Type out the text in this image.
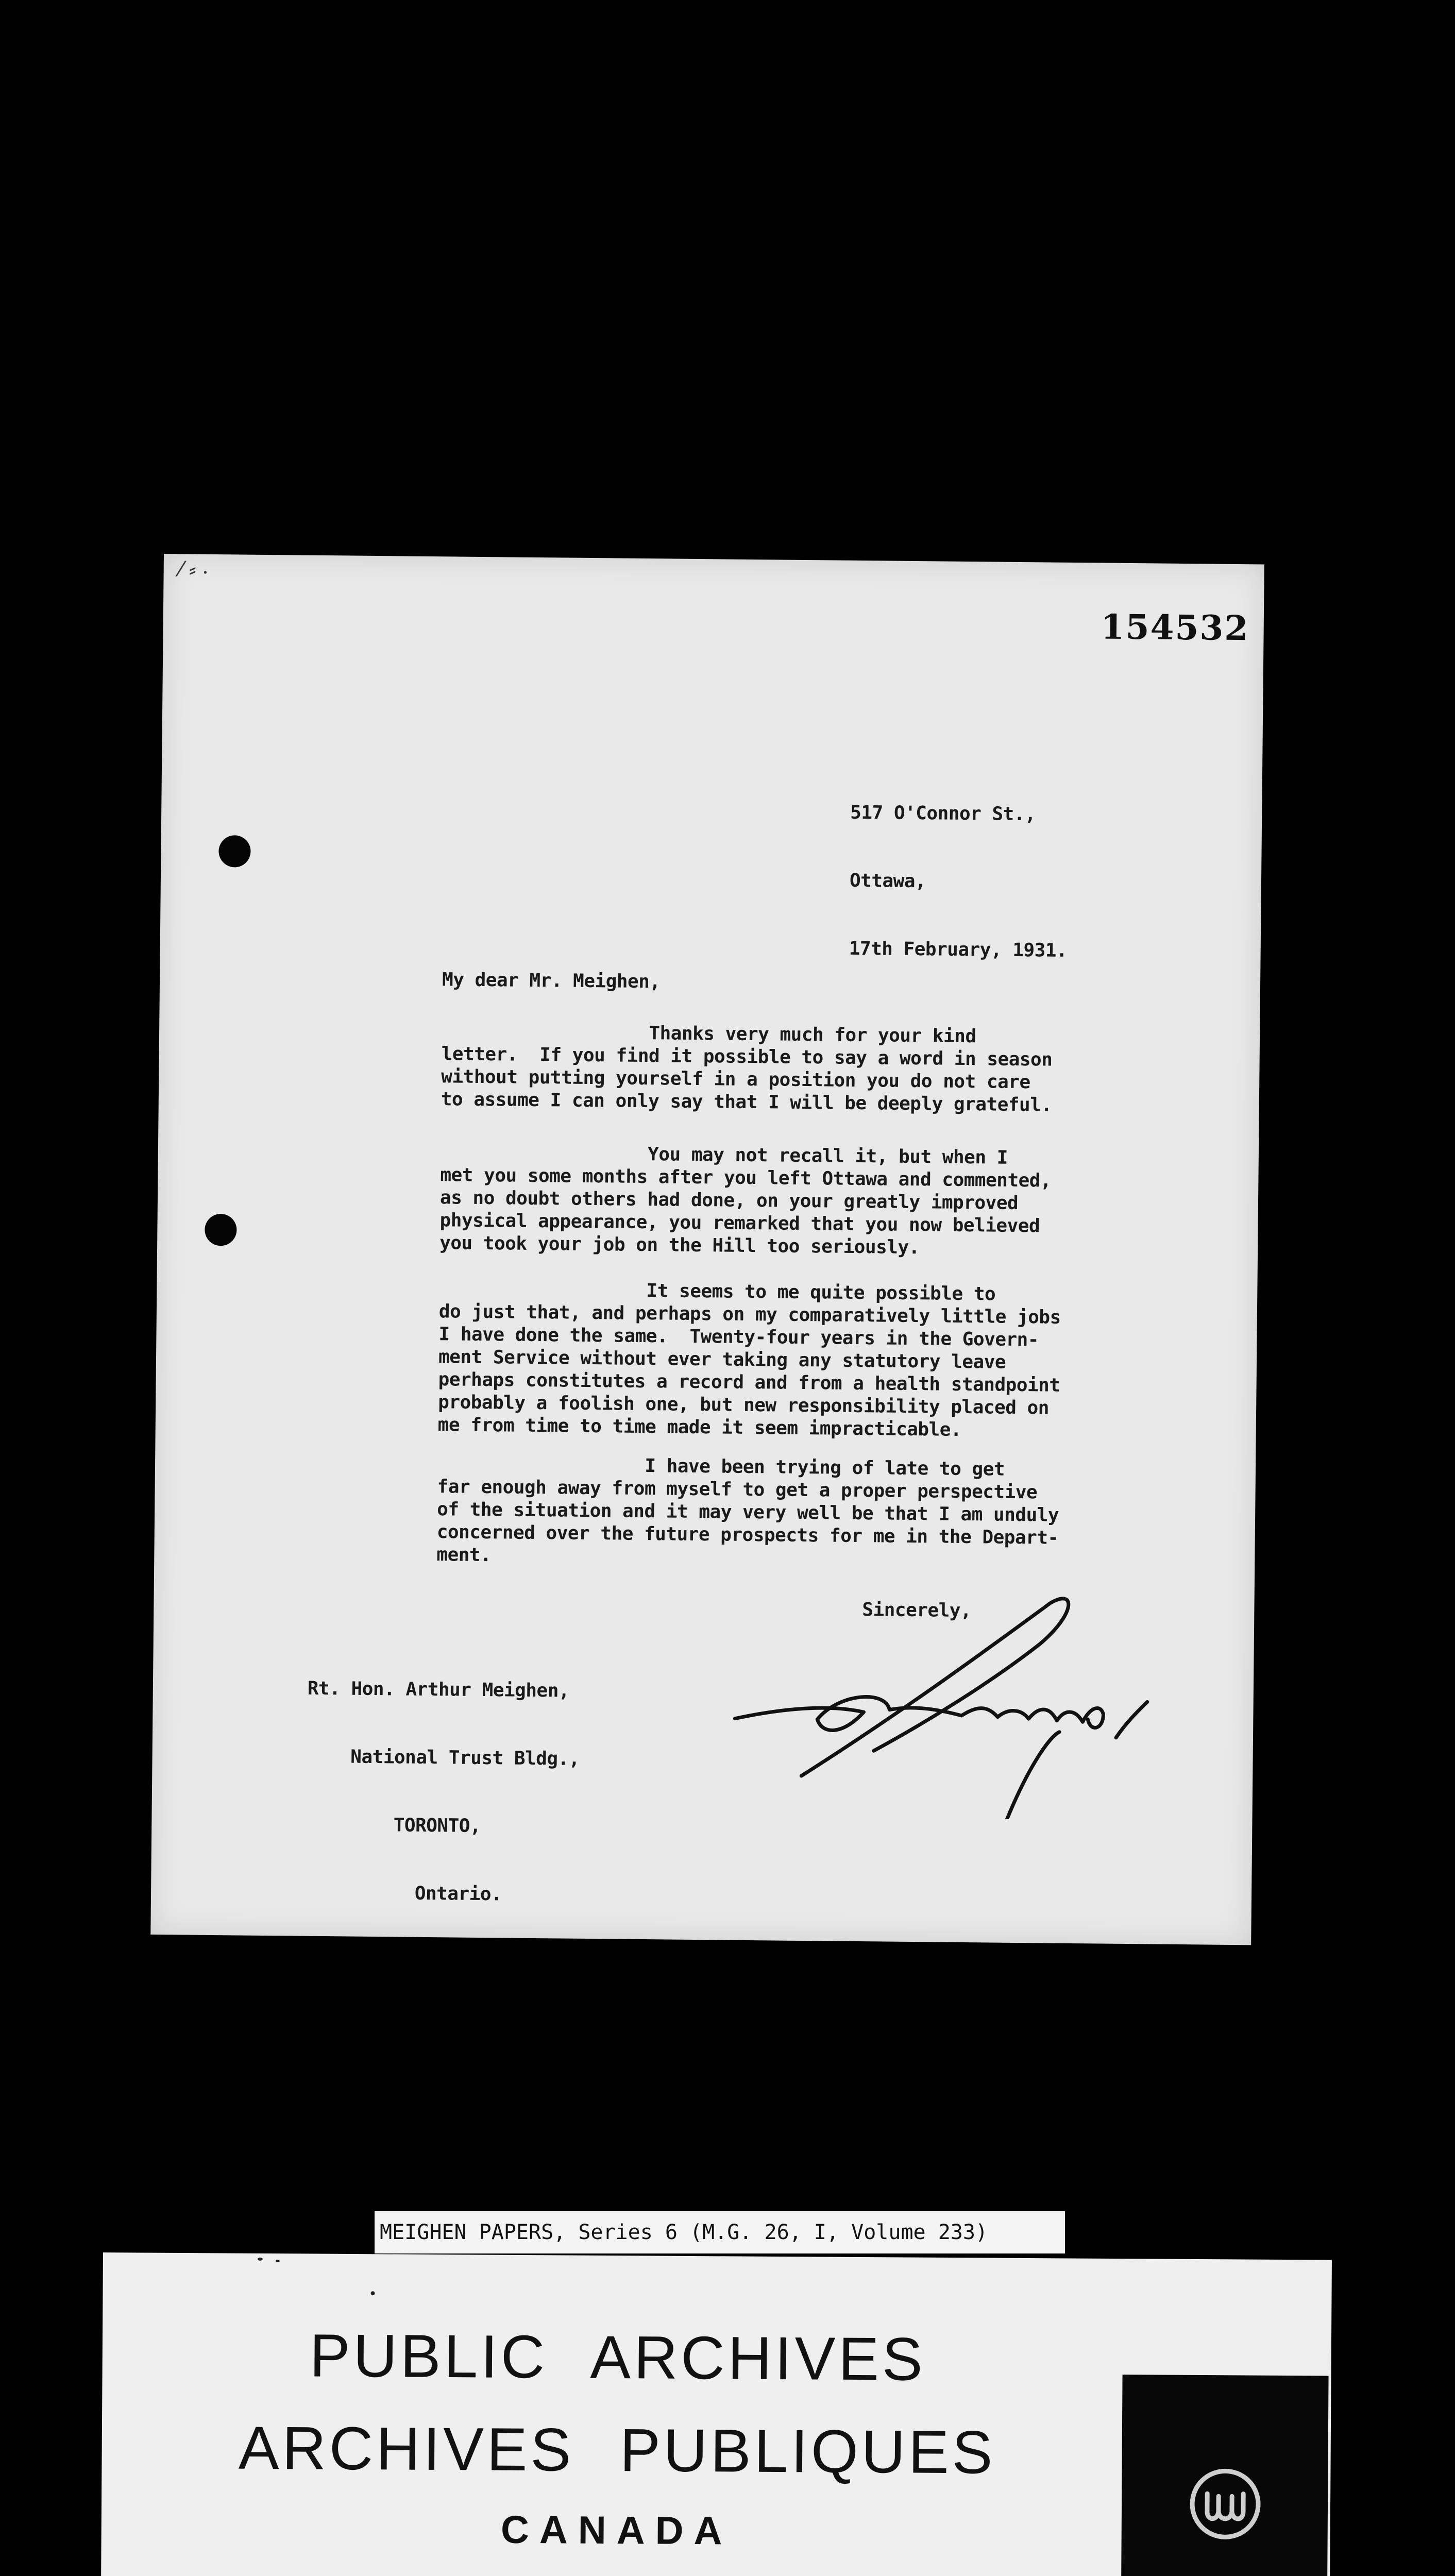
⁄ ⸗ ⸳
154532

517 O'Connor St.,

Ottawa,

17th February, 1931.

My dear Mr. Meighen,
Thanks very much for your kind
letter.  If you find it possible to say a word in season
without putting yourself in a position you do not care
to assume I can only say that I will be deeply grateful.
You may not recall it, but when I
met you some months after you left Ottawa and commented,
as no doubt others had done, on your greatly improved
physical appearance, you remarked that you now believed
you took your job on the Hill too seriously.
It seems to me quite possible to
do just that, and perhaps on my comparatively little jobs
I have done the same.  Twenty-four years in the Govern-
ment Service without ever taking any statutory leave
perhaps constitutes a record and from a health standpoint
probably a foolish one, but new responsibility placed on
me from time to time made it seem impracticable.
I have been trying of late to get
far enough away from myself to get a proper perspective
of the situation and it may very well be that I am unduly
concerned over the future prospects for me in the Depart-
ment.
Sincerely,

Rt. Hon. Arthur Meighen,

National Trust Bldg.,

TORONTO,

Ontario.

MEIGHEN PAPERS, Series 6 (M.G. 26, I, Volume 233)
PUBLIC ARCHIVES
ARCHIVES PUBLIQUES
CANADA
